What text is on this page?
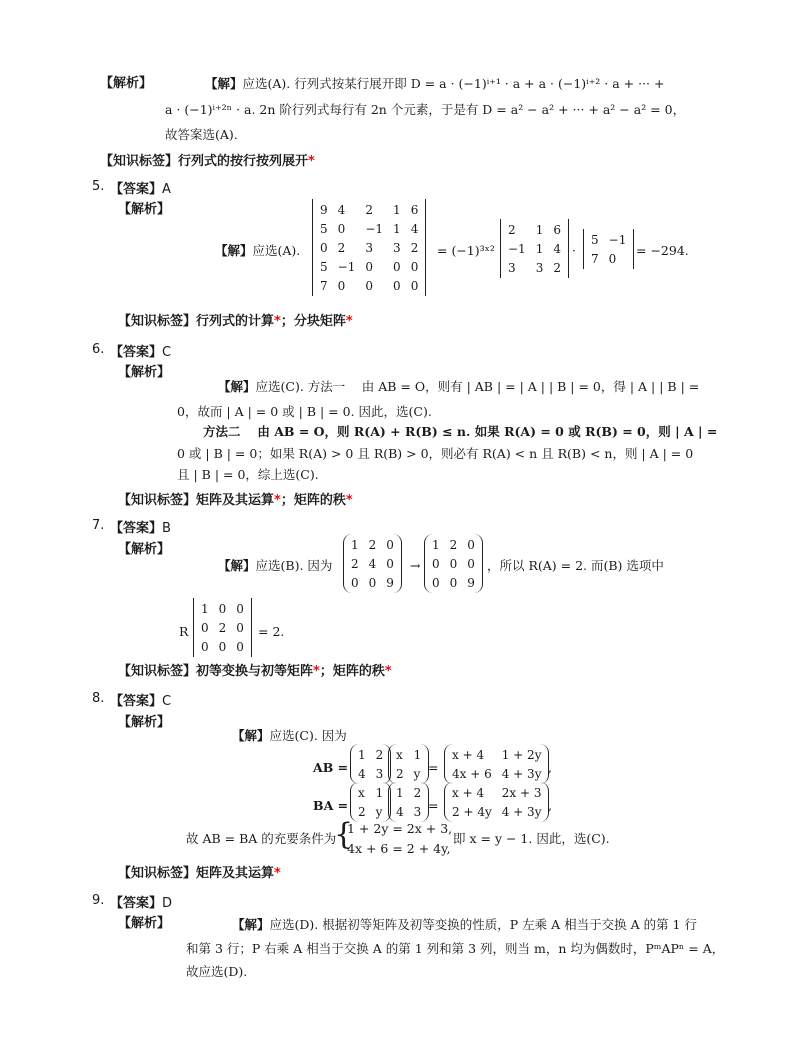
【解析】	【解】应选(A). 行列式按某行展开即 D = a · (−1)ⁱ⁺¹ · a + a · (−1)ⁱ⁺² · a + ··· +
a · (−1)ⁱ⁺²ⁿ · a. 2n 阶行列式每行有 2n 个元素，于是有 D = a² − a² + ··· + a² − a² = 0，
故答案选(A).
【知识标签】行列式的按行按列展开*
5. 【答案】A
【解析】
【解】应选(A).
9	4	2	1	6
5	0	−1	1	4
0	2	3	3	2
5	−1	0	0	0
7	0	0	0	0
= (−1)³ˣ²
2	1	6
−1	1	4
3	3	2
·
5	−1
7	0
= −294.
【知识标签】行列式的计算*；分块矩阵*
6. 【答案】C
【解析】
【解】应选(C). 方法一　 由 AB = O，则有 | AB | = | A | | B | = 0，得 | A | | B | =
0，故而 | A | = 0 或 | B | = 0. 因此，选(C).
方法二　 由 AB = O，则 R(A) + R(B) ≤ n. 如果 R(A) = 0 或 R(B) = 0，则 | A | =
0 或 | B | = 0；如果 R(A) > 0 且 R(B) > 0，则必有 R(A) < n 且 R(B) < n，则 | A | = 0
且 | B | = 0，综上选(C).
【知识标签】矩阵及其运算*；矩阵的秩*
7. 【答案】B
【解析】
【解】应选(B). 因为
1	2	0
2	4	0
0	0	9
→
1	2	0
0	0	0
0	0	9
，所以 R(A) = 2. 而(B) 选项中
R
1	0	0
0	2	0
0	0	0
= 2.
【知识标签】初等变换与初等矩阵*；矩阵的秩*
8. 【答案】C
【解析】
【解】应选(C). 因为
AB =
1	2
4	3
x	1
2	y =
x + 4	1 + 2y
4x + 6	4 + 3y ,
BA =
x	1
2	y
1	2
4	3 =
x + 4	2x + 3
2 + 4y	4 + 3y ,
故 AB = BA 的充要条件为
{
1 + 2y = 2x + 3,
4x + 6 = 2 + 4y,
即 x = y − 1. 因此，选(C).
【知识标签】矩阵及其运算*
9. 【答案】D
【解析】	【解】应选(D). 根据初等矩阵及初等变换的性质，P 左乘 A 相当于交换 A 的第 1 行
和第 3 行；P 右乘 A 相当于交换 A 的第 1 列和第 3 列，则当 m，n 均为偶数时，PᵐAPⁿ = A，
故应选(D).
